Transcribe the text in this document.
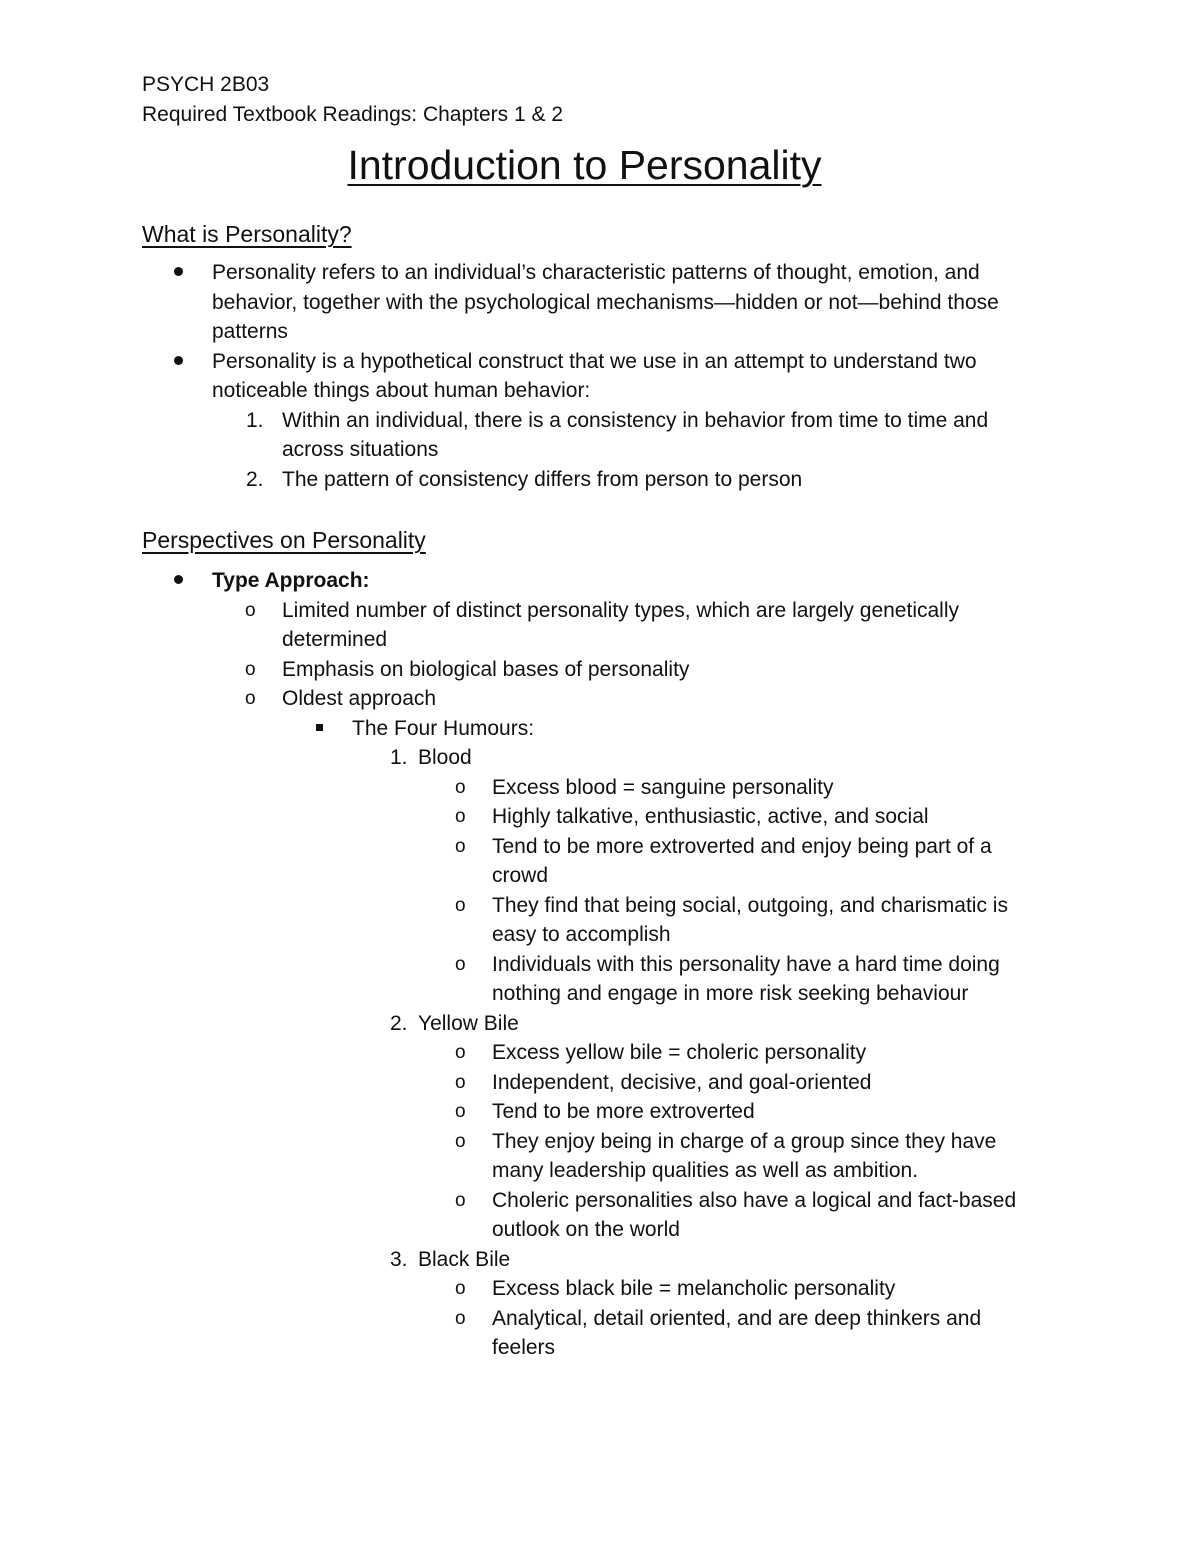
PSYCH 2B03
Required Textbook Readings: Chapters 1 & 2
Introduction to Personality
What is Personality?
Personality refers to an individual’s characteristic patterns of thought, emotion, and behavior, together with the psychological mechanisms—hidden or not—behind those patterns
Personality is a hypothetical construct that we use in an attempt to understand two noticeable things about human behavior:
1. Within an individual, there is a consistency in behavior from time to time and across situations
2. The pattern of consistency differs from person to person
Perspectives on Personality
Type Approach:
o Limited number of distinct personality types, which are largely genetically determined
o Emphasis on biological bases of personality
o Oldest approach
The Four Humours:
1. Blood
o Excess blood = sanguine personality
o Highly talkative, enthusiastic, active, and social
o Tend to be more extroverted and enjoy being part of a crowd
o They find that being social, outgoing, and charismatic is easy to accomplish
o Individuals with this personality have a hard time doing nothing and engage in more risk seeking behaviour
2. Yellow Bile
o Excess yellow bile = choleric personality
o Independent, decisive, and goal-oriented
o Tend to be more extroverted
o They enjoy being in charge of a group since they have many leadership qualities as well as ambition.
o Choleric personalities also have a logical and fact-based outlook on the world
3. Black Bile
o Excess black bile = melancholic personality
o Analytical, detail oriented, and are deep thinkers and feelers
